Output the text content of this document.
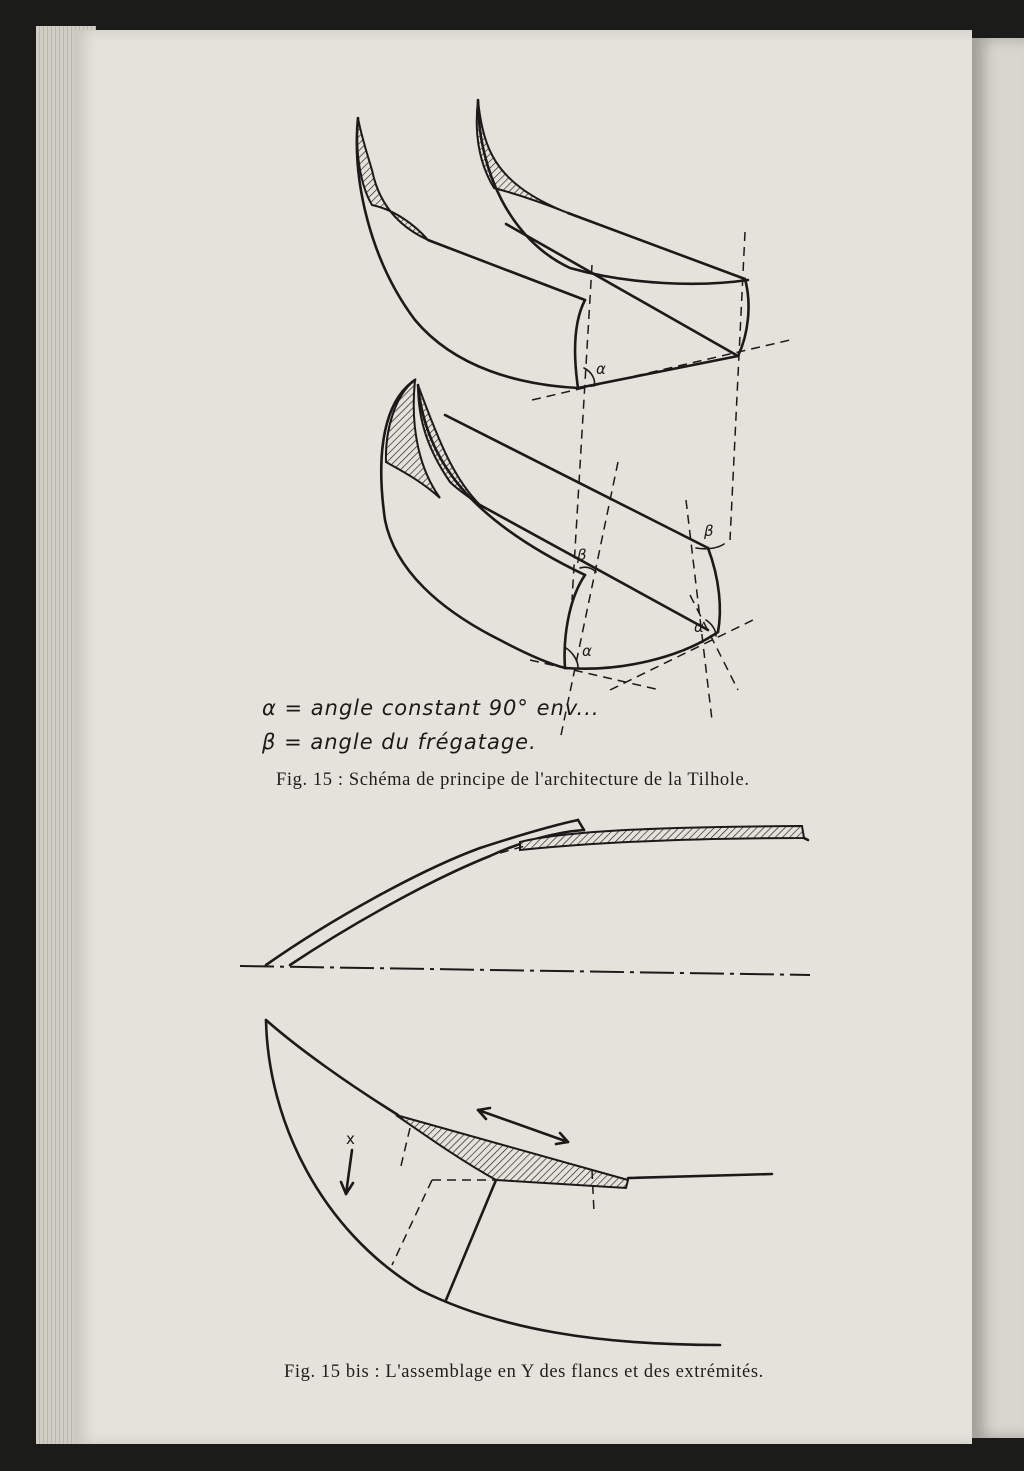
α
β
β
α
α
x
α = angle constant 90° env...
β = angle du frégatage.
Fig. 15 : Schéma de principe de l'architecture de la Tilhole.
Fig. 15 bis : L'assemblage en Y des flancs et des extrémités.
